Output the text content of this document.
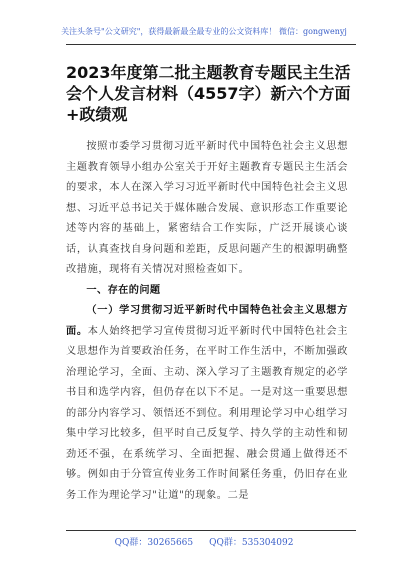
关注头条号"公文研究"，获得最新最全最专业的公文资料库！ 微信：gongwenyj
2023年度第二批主题教育专题民主生活会个人发言材料（4557字）新六个方面+政绩观

按照市委学习贯彻习近平新时代中国特色社会主义思想主题教育领导小组办公室关于开好主题教育专题民主生活会的要求，本人在深入学习习近平新时代中国特色社会主义思想、习近平总书记关于媒体融合发展、意识形态工作重要论述等内容的基础上，紧密结合工作实际，广泛开展谈心谈话，认真查找自身问题和差距，反思问题产生的根源明确整改措施，现将有关情况对照检查如下。

一、存在的问题

（一）学习贯彻习近平新时代中国特色社会主义思想方面。本人始终把学习宣传贯彻习近平新时代中国特色社会主义思想作为首要政治任务，在平时工作生活中，不断加强政治理论学习，全面、主动、深入学习了主题教育规定的必学书目和选学内容，但仍存在以下不足。一是对这一重要思想的部分内容学习、领悟还不到位。利用理论学习中心组学习集中学习比较多，但平时自己反复学、持久学的主动性和韧劲还不强，在系统学习、全面把握、融会贯通上做得还不够。例如由于分管宣传业务工作时间紧任务重，仍旧存在业务工作为理论学习"让道"的现象。二是

QQ群：30265665 QQ群：535304092
